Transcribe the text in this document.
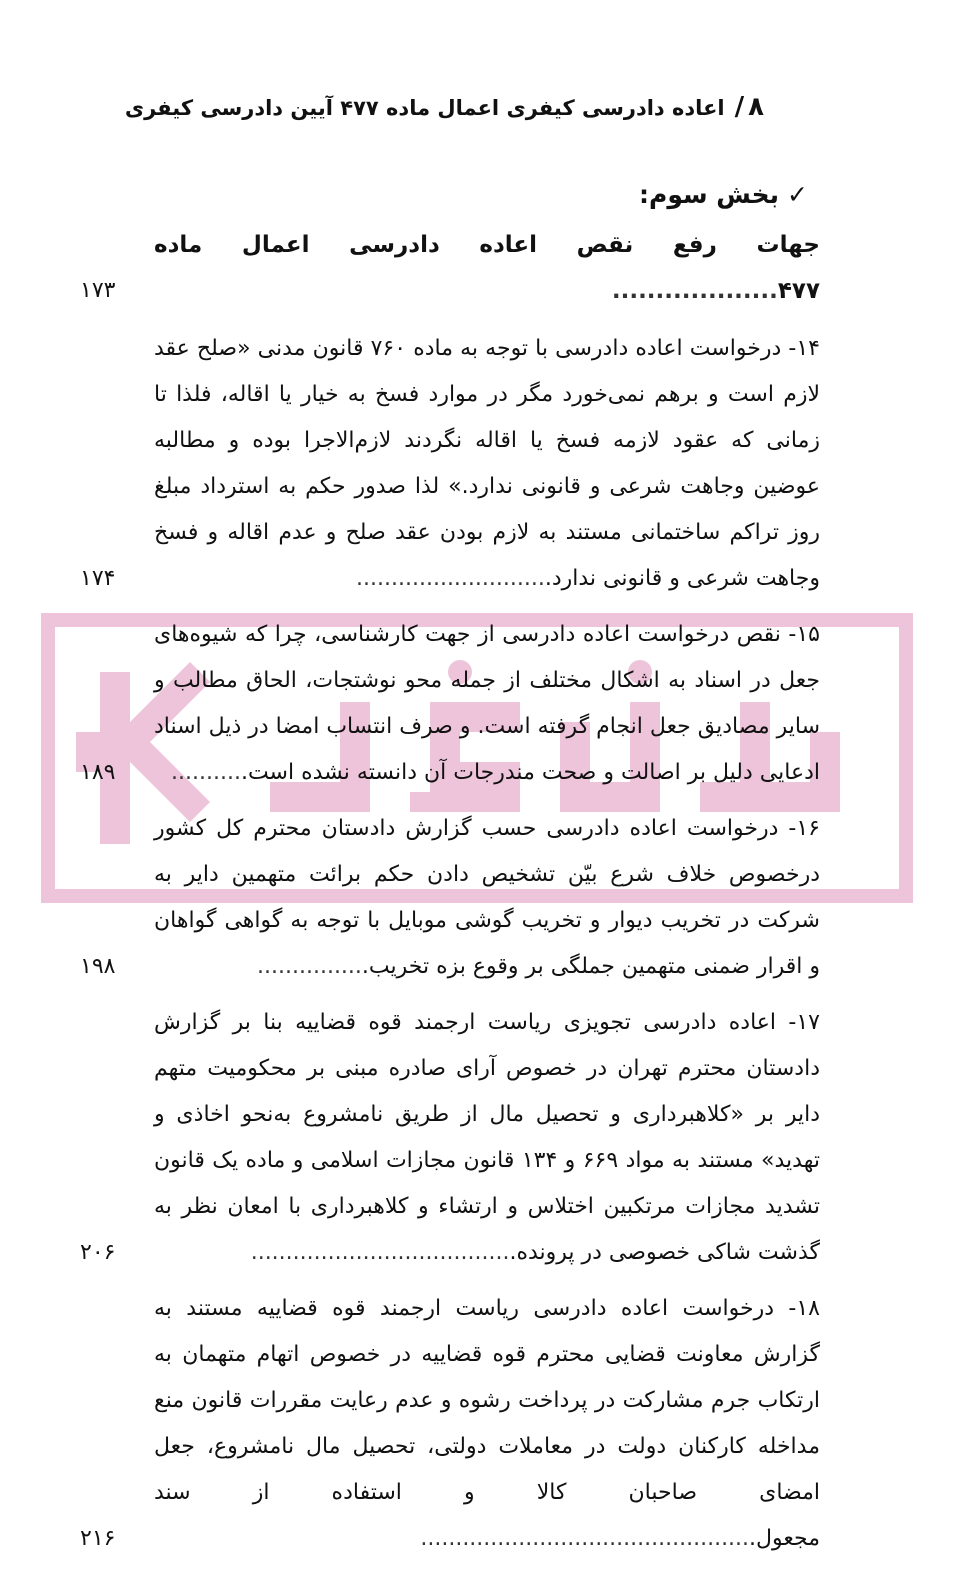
۸/اعاده دادرسی کیفری اعمال ماده ۴۷۷ آیین دادرسی کیفری
✓بخش سوم:
جهات رفع نقص اعاده دادرسی اعمال ماده ۴۷۷...................
۱۷۳
۱۴- درخواست اعاده دادرسی با توجه به ماده ۷۶۰ قانون مدنی «صلح عقد لازم است و برهم نمی‌خورد مگر در موارد فسخ به خیار یا اقاله، فلذا تا زمانی که عقود لازمه فسخ یا اقاله نگردند لازم‌الاجرا بوده و مطالبه عوضین وجاهت شرعی و قانونی ندارد.» لذا صدور حکم به استرداد مبلغ روز تراکم ساختمانی مستند به لازم بودن عقد صلح و عدم اقاله و فسخ وجاهت شرعی و قانونی ندارد............................
۱۷۴
۱۵- نقص درخواست اعاده دادرسی از جهت کارشناسی، چرا که شیوه‌های جعل در اسناد به اشکال مختلف از جمله محو نوشتجات، الحاق مطالب و سایر مصادیق جعل انجام گرفته است. و صرف انتساب امضا در ذیل اسناد ادعایی دلیل بر اصالت و صحت مندرجات آن دانسته نشده است...........
۱۸۹
۱۶- درخواست اعاده دادرسی حسب گزارش دادستان محترم کل کشور درخصوص خلاف شرع بیّن تشخیص دادن حکم برائت متهمین دایر به شرکت در تخریب دیوار و تخریب گوشی موبایل با توجه به گواهی گواهان و اقرار ضمنی متهمین جملگی بر وقوع بزه تخریب................
۱۹۸
۱۷- اعاده دادرسی تجویزی ریاست ارجمند قوه قضاییه بنا بر گزارش دادستان محترم تهران در خصوص آرای صادره مبنی بر محکومیت متهم دایر بر «کلاهبرداری و تحصیل مال از طریق نامشروع به‌نحو اخاذی و تهدید» مستند به مواد ۶۶۹ و ۱۳۴ قانون مجازات اسلامی و ماده یک قانون تشدید مجازات مرتکبین اختلاس و ارتشاء و کلاهبرداری با امعان نظر به گذشت شاکی خصوصی در پرونده......................................
۲۰۶
۱۸- درخواست اعاده دادرسی ریاست ارجمند قوه قضاییه مستند به گزارش معاونت قضایی محترم قوه قضاییه در خصوص اتهام متهمان به ارتکاب جرم مشارکت در پرداخت رشوه و عدم رعایت مقررات قانون منع مداخله کارکنان دولت در معاملات دولتی، تحصیل مال نامشروع، جعل امضای صاحبان کالا و استفاده از سند مجعول................................................
۲۱۶
